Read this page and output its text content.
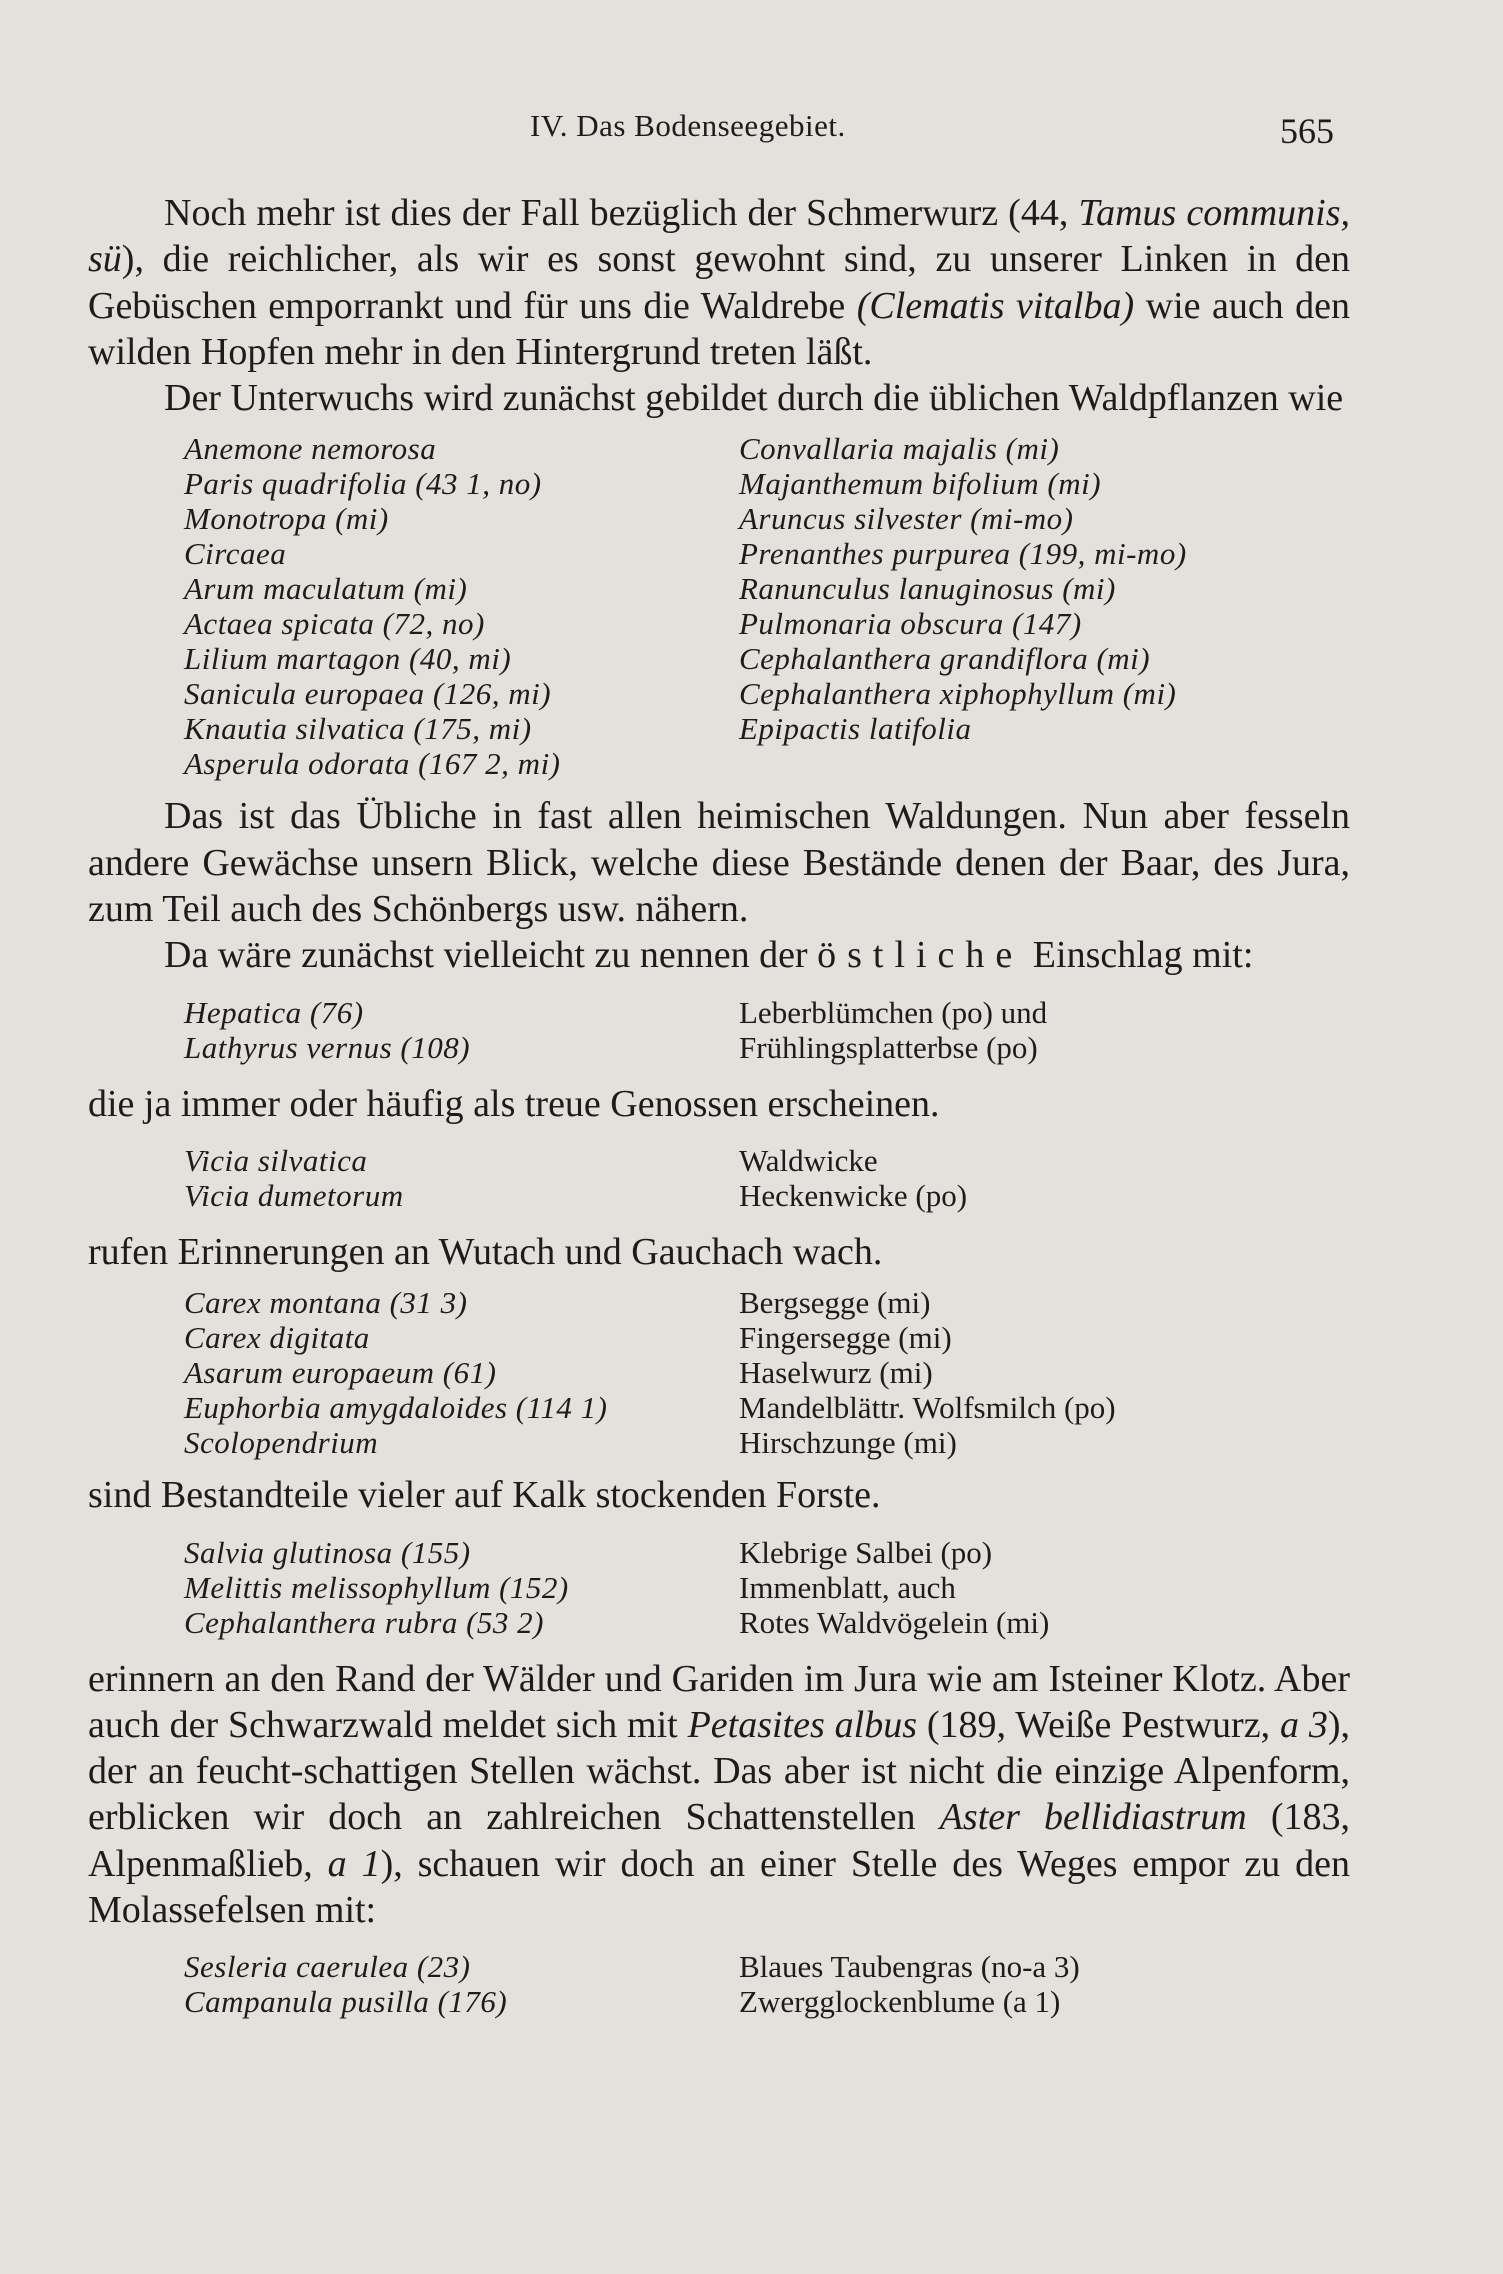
IV. Das Bodenseegebiet.	565

Noch mehr ist dies der Fall bezüglich der Schmerwurz (44, Tamus communis, sü), die reichlicher, als wir es sonst gewohnt sind, zu unserer Linken in den Gebüschen emporrankt und für uns die Waldrebe (Clematis vitalba) wie auch den wilden Hopfen mehr in den Hintergrund treten läßt.

Der Unterwuchs wird zunächst gebildet durch die üblichen Waldpflanzen wie

Anemone nemorosa	Convallaria majalis (mi)
Paris quadrifolia (43 1, no)	Majanthemum bifolium (mi)
Monotropa (mi)	Aruncus silvester (mi-mo)
Circaea	Prenanthes purpurea (199, mi-mo)
Arum maculatum (mi)	Ranunculus lanuginosus (mi)
Actaea spicata (72, no)	Pulmonaria obscura (147)
Lilium martagon (40, mi)	Cephalanthera grandiflora (mi)
Sanicula europaea (126, mi)	Cephalanthera xiphophyllum (mi)
Knautia silvatica (175, mi)	Epipactis latifolia
Asperula odorata (167 2, mi)	

Das ist das Übliche in fast allen heimischen Waldungen. Nun aber fesseln andere Gewächse unsern Blick, welche diese Bestände denen der Baar, des Jura, zum Teil auch des Schönbergs usw. nähern.

Da wäre zunächst vielleicht zu nennen der östliche Einschlag mit:

Hepatica (76)	Leberblümchen (po) und
Lathyrus vernus (108)	Frühlingsplatterbse (po)

die ja immer oder häufig als treue Genossen erscheinen.

Vicia silvatica	Waldwicke
Vicia dumetorum	Heckenwicke (po)

rufen Erinnerungen an Wutach und Gauchach wach.

Carex montana (31 3)	Bergsegge (mi)
Carex digitata	Fingersegge (mi)
Asarum europaeum (61)	Haselwurz (mi)
Euphorbia amygdaloides (114 1)	Mandelblättr. Wolfsmilch (po)
Scolopendrium	Hirschzunge (mi)

sind Bestandteile vieler auf Kalk stockenden Forste.

Salvia glutinosa (155)	Klebrige Salbei (po)
Melittis melissophyllum (152)	Immenblatt, auch
Cephalanthera rubra (53 2)	Rotes Waldvögelein (mi)

erinnern an den Rand der Wälder und Gariden im Jura wie am Isteiner Klotz. Aber auch der Schwarzwald meldet sich mit Petasites albus (189, Weiße Pestwurz, a 3), der an feucht-schattigen Stellen wächst. Das aber ist nicht die einzige Alpenform, erblicken wir doch an zahlreichen Schattenstellen Aster bellidiastrum (183, Alpenmaßlieb, a 1), schauen wir doch an einer Stelle des Weges empor zu den Molassefelsen mit:

Sesleria caerulea (23)	Blaues Taubengras (no-a 3)
Campanula pusilla (176)	Zwergglockenblume (a 1)
